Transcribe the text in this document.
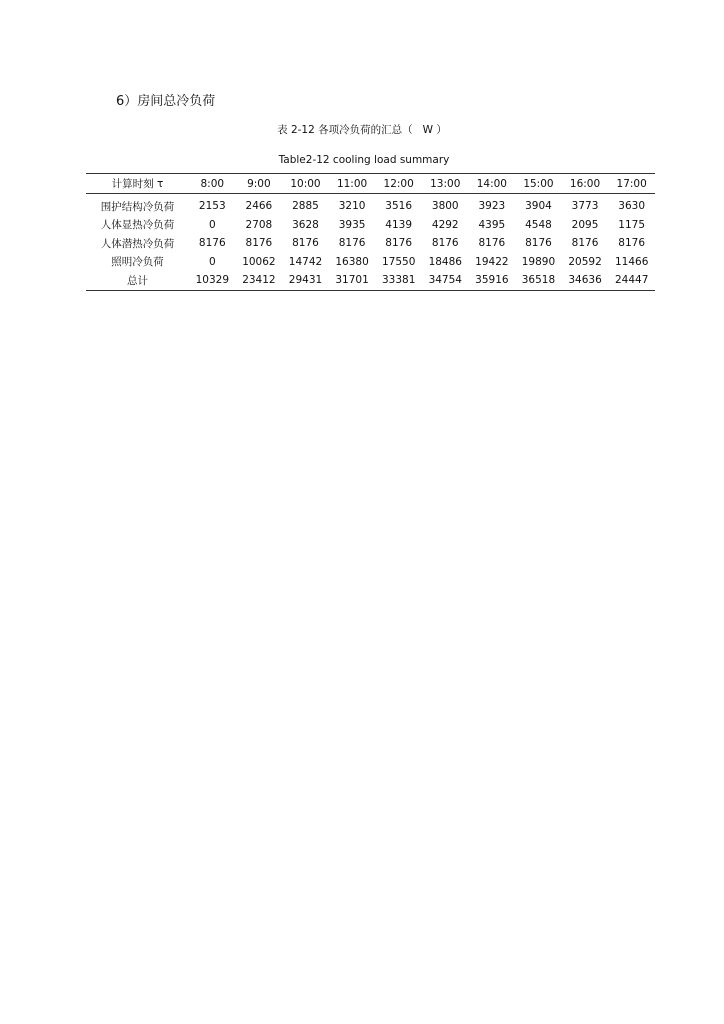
6）房间总冷负荷
表 2-12 各项冷负荷的汇总（   W ）
Table2-12 cooling load summary
计算时刻 τ	8:00	9:00	10:00	11:00	12:00	13:00	14:00	15:00	16:00	17:00
围护结构冷负荷	2153	2466	2885	3210	3516	3800	3923	3904	3773	3630
人体显热冷负荷	0	2708	3628	3935	4139	4292	4395	4548	2095	1175
人体潜热冷负荷	8176	8176	8176	8176	8176	8176	8176	8176	8176	8176
照明冷负荷	0	10062	14742	16380	17550	18486	19422	19890	20592	11466
总计	10329	23412	29431	31701	33381	34754	35916	36518	34636	24447
